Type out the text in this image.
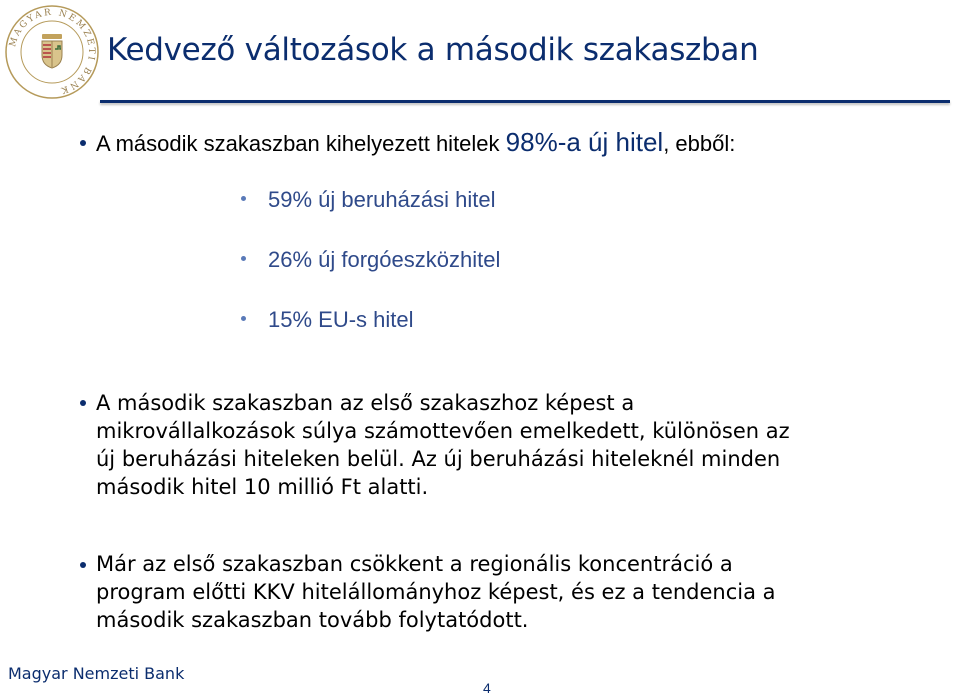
MAGYAR NEMZETI BANK
Kedvező változások a második szakaszban
A második szakaszban kihelyezett hitelek 98%-a új hitel, ebből:
59% új beruházási hitel
26% új forgóeszközhitel
15% EU-s hitel
A második szakaszban az első szakaszhoz képest a
mikrovállalkozások súlya számottevően emelkedett, különösen az
új beruházási hiteleken belül. Az új beruházási hiteleknél minden
második hitel 10 millió Ft alatti.
Már az első szakaszban csökkent a regionális koncentráció a
program előtti KKV hitelállományhoz képest, és ez a tendencia a
második szakaszban tovább folytatódott.
Magyar Nemzeti Bank
4
